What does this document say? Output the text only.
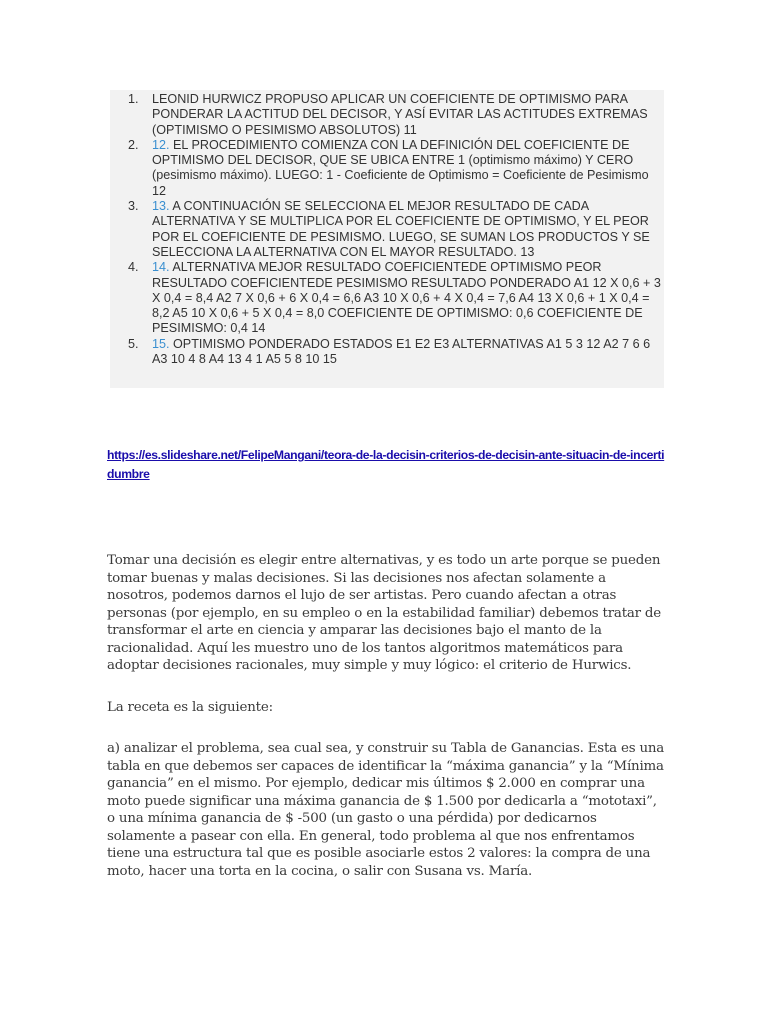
1. LEONID HURWICZ PROPUSO APLICAR UN COEFICIENTE DE OPTIMISMO PARA PONDERAR LA ACTITUD DEL DECISOR, Y ASÍ EVITAR LAS ACTITUDES EXTREMAS (OPTIMISMO O PESIMISMO ABSOLUTOS) 11
2. 12. EL PROCEDIMIENTO COMIENZA CON LA DEFINICIÓN DEL COEFICIENTE DE OPTIMISMO DEL DECISOR, QUE SE UBICA ENTRE 1 (optimismo máximo) Y CERO (pesimismo máximo). LUEGO: 1 - Coeficiente de Optimismo = Coeficiente de Pesimismo 12
3. 13. A CONTINUACIÓN SE SELECCIONA EL MEJOR RESULTADO DE CADA ALTERNATIVA Y SE MULTIPLICA POR EL COEFICIENTE DE OPTIMISMO, Y EL PEOR POR EL COEFICIENTE DE PESIMISMO. LUEGO, SE SUMAN LOS PRODUCTOS Y SE SELECCIONA LA ALTERNATIVA CON EL MAYOR RESULTADO. 13
4. 14. ALTERNATIVA MEJOR RESULTADO COEFICIENTEDE OPTIMISMO PEOR RESULTADO COEFICIENTEDE PESIMISMO RESULTADO PONDERADO A1 12 X 0,6 + 3 X 0,4 = 8,4 A2 7 X 0,6 + 6 X 0,4 = 6,6 A3 10 X 0,6 + 4 X 0,4 = 7,6 A4 13 X 0,6 + 1 X 0,4 = 8,2 A5 10 X 0,6 + 5 X 0,4 = 8,0 COEFICIENTE DE OPTIMISMO: 0,6 COEFICIENTE DE PESIMISMO: 0,4 14
5. 15. OPTIMISMO PONDERADO ESTADOS E1 E2 E3 ALTERNATIVAS A1 5 3 12 A2 7 6 6 A3 10 4 8 A4 13 4 1 A5 5 8 10 15
https://es.slideshare.net/FelipeMangani/teora-de-la-decisin-criterios-de-decisin-ante-situacin-de-incertidumbre

Tomar una decisión es elegir entre alternativas, y es todo un arte porque se pueden tomar buenas y malas decisiones. Si las decisiones nos afectan solamente a nosotros, podemos darnos el lujo de ser artistas. Pero cuando afectan a otras personas (por ejemplo, en su empleo o en la estabilidad familiar) debemos tratar de transformar el arte en ciencia y amparar las decisiones bajo el manto de la racionalidad. Aquí les muestro uno de los tantos algoritmos matemáticos para adoptar decisiones racionales, muy simple y muy lógico: el criterio de Hurwics.

La receta es la siguiente:

a) analizar el problema, sea cual sea, y construir su Tabla de Ganancias. Esta es una tabla en que debemos ser capaces de identificar la “máxima ganancia” y la “Mínima ganancia” en el mismo. Por ejemplo, dedicar mis últimos $ 2.000 en comprar una moto puede significar una máxima ganancia de $ 1.500 por dedicarla a “mototaxi”, o una mínima ganancia de $ -500 (un gasto o una pérdida) por dedicarnos solamente a pasear con ella. En general, todo problema al que nos enfrentamos tiene una estructura tal que es posible asociarle estos 2 valores: la compra de una moto, hacer una torta en la cocina, o salir con Susana vs. María.
